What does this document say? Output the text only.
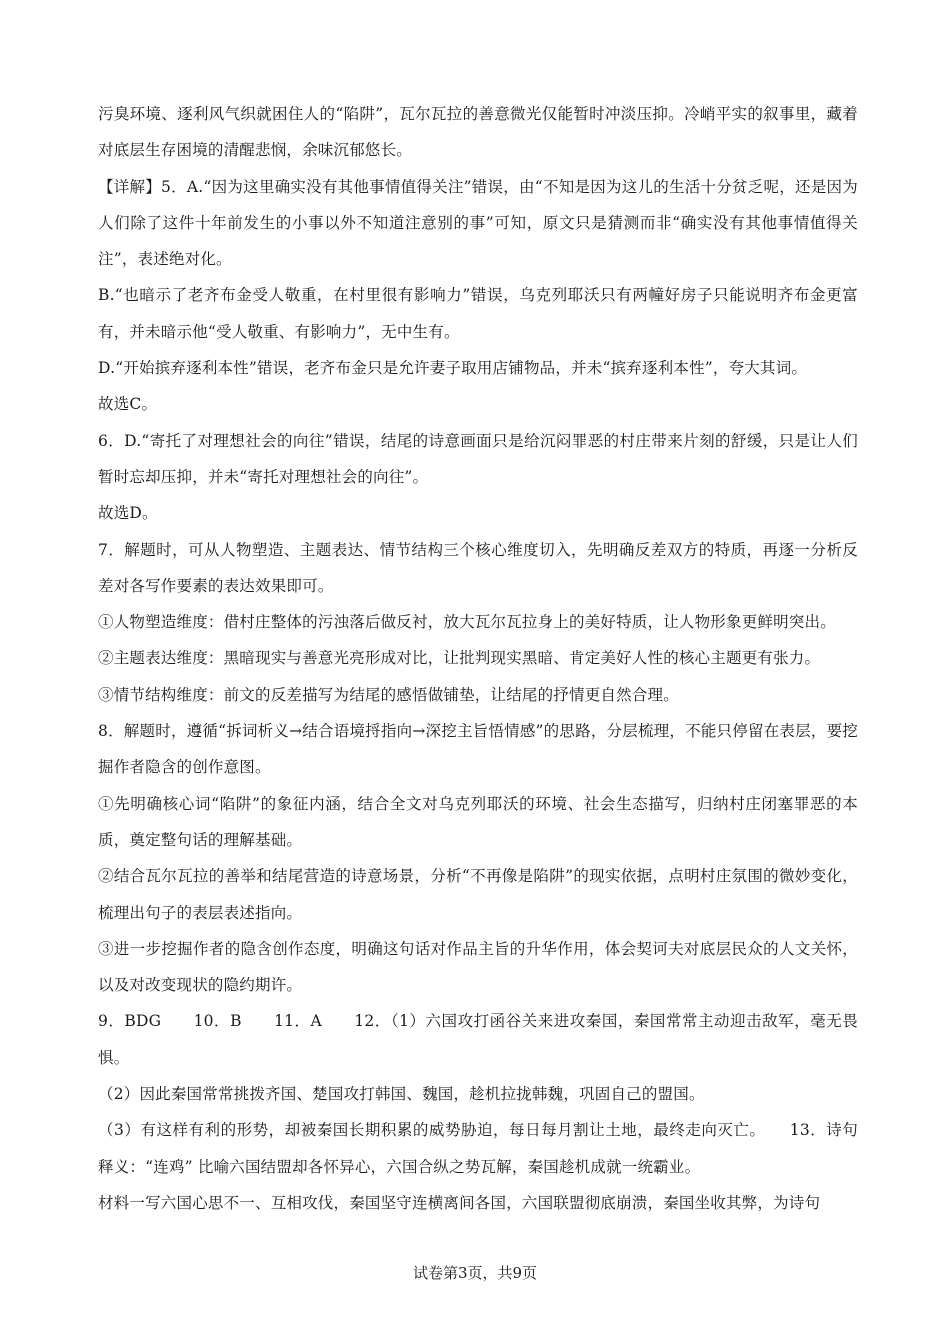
污臭环境、逐利风气织就困住人的“陷阱”，瓦尔瓦拉的善意微光仅能暂时冲淡压抑。冷峭平实的叙事里，藏着对底层生存困境的清醒悲悯，余味沉郁悠长。

【详解】5．A.“因为这里确实没有其他事情值得关注”错误，由“不知是因为这儿的生活十分贫乏呢，还是因为人们除了这件十年前发生的小事以外不知道注意别的事”可知，原文只是猜测而非“确实没有其他事情值得关注”，表述绝对化。

B.“也暗示了老齐布金受人敬重，在村里很有影响力”错误，乌克列耶沃只有两幢好房子只能说明齐布金更富有，并未暗示他“受人敬重、有影响力”，无中生有。

D.“开始摈弃逐利本性”错误，老齐布金只是允许妻子取用店铺物品，并未“摈弃逐利本性”，夸大其词。

故选C。

6．D.“寄托了对理想社会的向往”错误，结尾的诗意画面只是给沉闷罪恶的村庄带来片刻的舒缓，只是让人们暂时忘却压抑，并未“寄托对理想社会的向往”。

故选D。

7．解题时，可从人物塑造、主题表达、情节结构三个核心维度切入，先明确反差双方的特质，再逐一分析反差对各写作要素的表达效果即可。

①人物塑造维度：借村庄整体的污浊落后做反衬，放大瓦尔瓦拉身上的美好特质，让人物形象更鲜明突出。

②主题表达维度：黑暗现实与善意光亮形成对比，让批判现实黑暗、肯定美好人性的核心主题更有张力。

③情节结构维度：前文的反差描写为结尾的感悟做铺垫，让结尾的抒情更自然合理。

8．解题时，遵循“拆词析义→结合语境捋指向→深挖主旨悟情感”的思路，分层梳理，不能只停留在表层，要挖掘作者隐含的创作意图。

①先明确核心词“陷阱”的象征内涵，结合全文对乌克列耶沃的环境、社会生态描写，归纳村庄闭塞罪恶的本质，奠定整句话的理解基础。

②结合瓦尔瓦拉的善举和结尾营造的诗意场景，分析“不再像是陷阱”的现实依据，点明村庄氛围的微妙变化，梳理出句子的表层表述指向。

③进一步挖掘作者的隐含创作态度，明确这句话对作品主旨的升华作用，体会契诃夫对底层民众的人文关怀，以及对改变现状的隐约期许。

9．BDG　　10．B　　11．A　　12．（1）六国攻打函谷关来进攻秦国，秦国常常主动迎击敌军，毫无畏惧。

（2）因此秦国常常挑拨齐国、楚国攻打韩国、魏国，趁机拉拢韩魏，巩固自己的盟国。

（3）有这样有利的形势，却被秦国长期积累的威势胁迫，每日每月割让土地，最终走向灭亡。　　13．诗句释义：“连鸡” 比喻六国结盟却各怀异心，六国合纵之势瓦解，秦国趁机成就一统霸业。

材料一写六国心思不一、互相攻伐，秦国坚守连横离间各国，六国联盟彻底崩溃，秦国坐收其弊，为诗句

试卷第3页，共9页
